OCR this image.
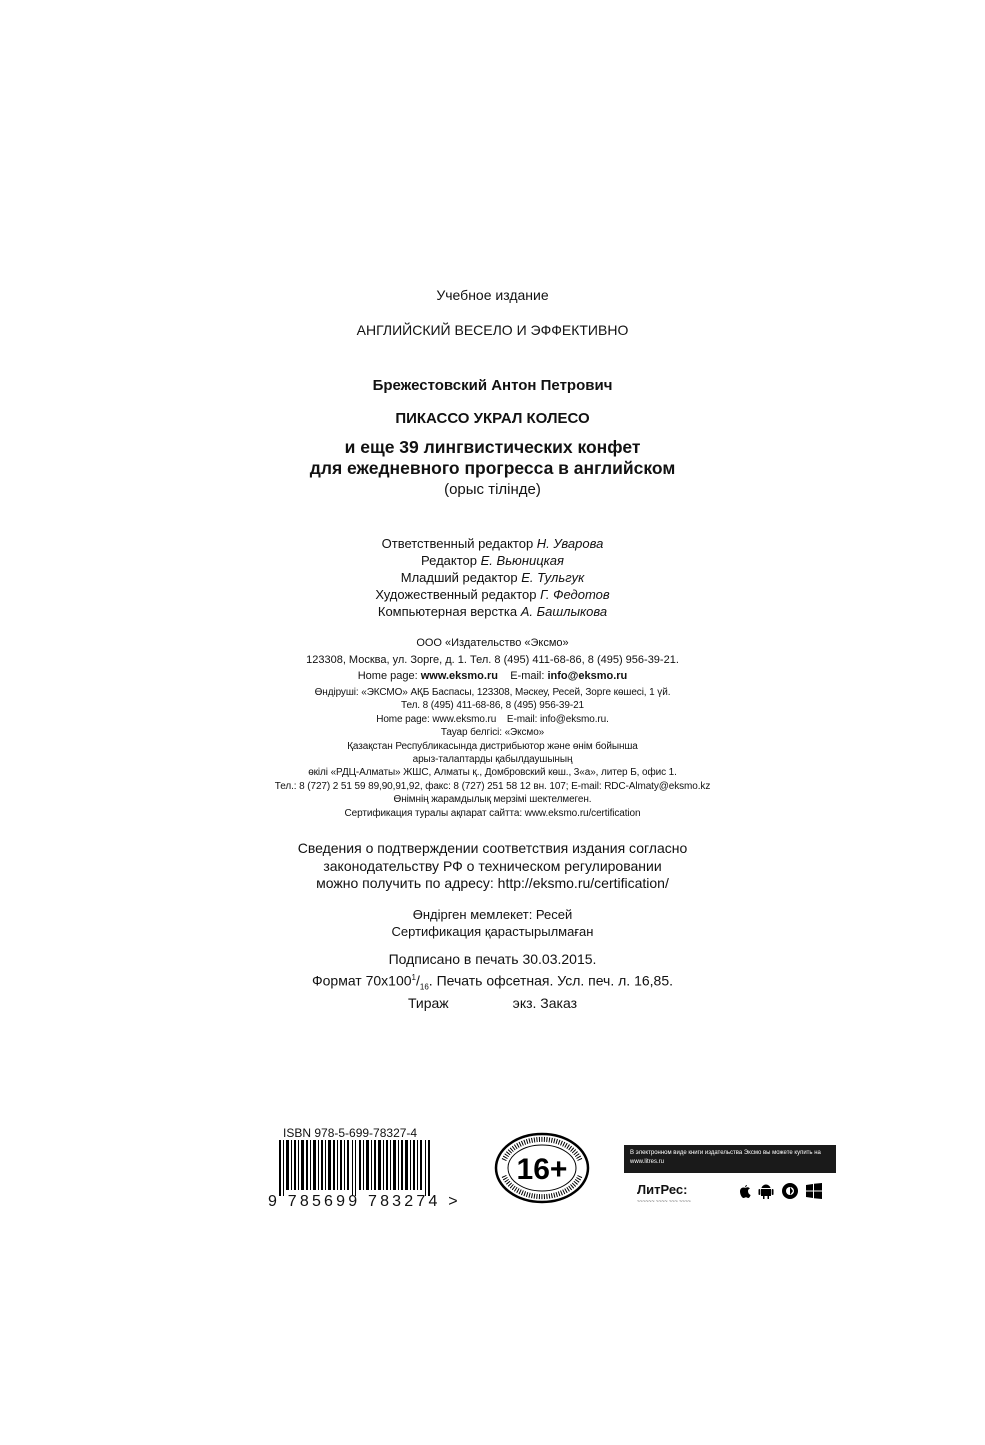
Учебное издание
АНГЛИЙСКИЙ ВЕСЕЛО И ЭФФЕКТИВНО
Брежестовский Антон Петрович
ПИКАССО УКРАЛ КОЛЕСО
и еще 39 лингвистических конфет
для ежедневного прогресса в английском
(орыс тілінде)
Ответственный редактор Н. Уварова
Редактор Е. Вьюницкая
Младший редактор Е. Тульгук
Художественный редактор Г. Федотов
Компьютерная верстка А. Башлыкова
ООО «Издательство «Эксмо»
123308, Москва, ул. Зорге, д. 1. Тел. 8 (495) 411-68-86, 8 (495) 956-39-21.
Home page: www.eksmo.ru E-mail: info@eksmo.ru
Өндіруші: «ЭКСМО» АҚБ Баспасы, 123308, Мәскеу, Ресей, Зорге көшесі, 1 үй.
Тел. 8 (495) 411-68-86, 8 (495) 956-39-21
Home page: www.eksmo.ru    E-mail: info@eksmo.ru.
Тауар белгісі: «Эксмо»
Қазақстан Республикасында дистрибьютор және өнім бойынша
арыз-талаптарды қабылдаушының
өкілі «РДЦ-Алматы» ЖШС, Алматы қ., Домбровский көш., 3«а», литер Б, офис 1.
Тел.: 8 (727) 2 51 59 89,90,91,92, факс: 8 (727) 251 58 12 вн. 107; E-mail: RDC-Almaty@eksmo.kz
Өнімнің жарамдылық мерзімі шектелмеген.
Сертификация туралы ақпарат сайтта: www.eksmo.ru/certification
Сведения о подтверждении соответствия издания согласно
законодательству РФ о техническом регулировании
можно получить по адресу: http://eksmo.ru/certification/
Өндірген мемлекет: Ресей
Сертификация қарастырылмаған
Подписано в печать 30.03.2015.
Формат $70x100^1/_{16}$. Печать офсетная. Усл. печ. л. 16,85.
Тираж	экз. Заказ
ISBN 978-5-699-78327-4
9 785699 783274 >
16+	В электронном виде книги издательства Эксмо вы можете купить на www.litres.ru
ЛитРес:
~~~~~~ ~~~~ ~~~ ~~~~
